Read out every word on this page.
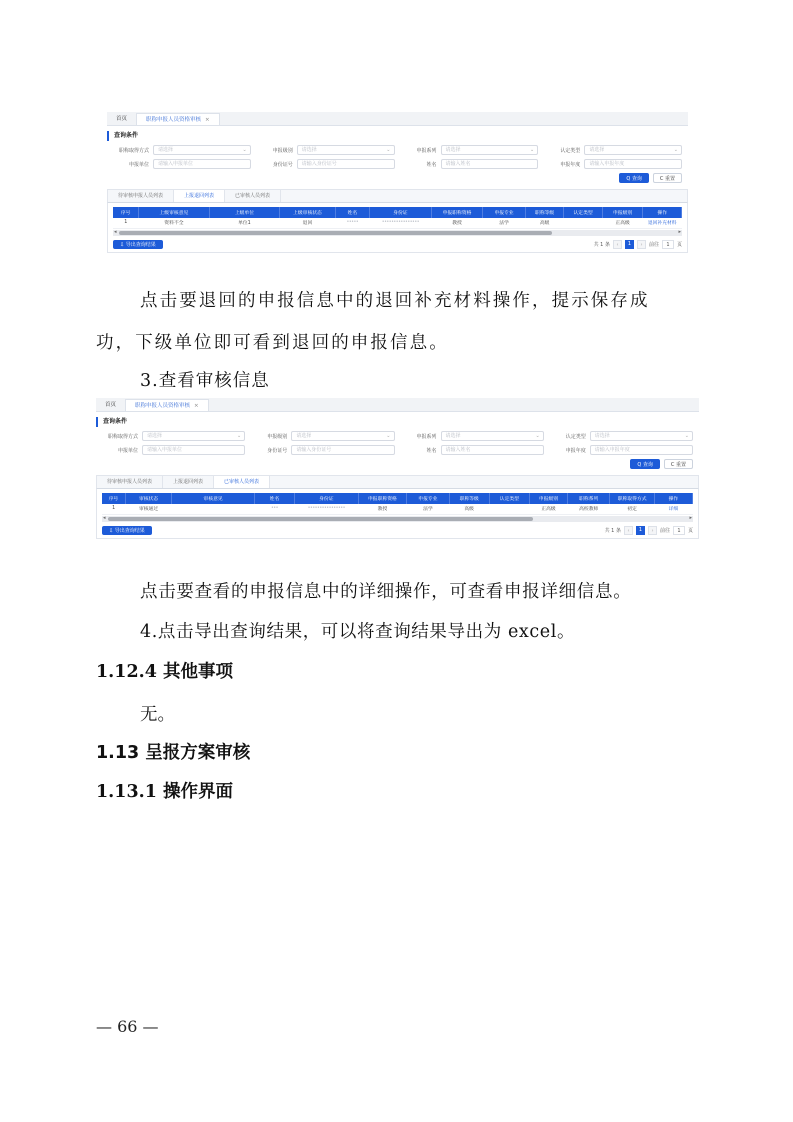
首页	职称申报人员资格审核 ×
查询条件
职称取得方式	请选择	⌄	申报级别	请选择	⌄	申报系列	请选择	⌄	认定类型	请选择	⌄
申报单位	请输入申报单位	身份证号	请输入身份证号	姓名	请输入姓名	申报年度	请输入申报年度
Q 查询	C 重置
待审核申报人员列表	上报退回列表	已审核人员列表
序号	上级审核意见	上级单位	上级审核状态	姓名	身份证	申报职称资格	申报专业	职称等级	认定类型	申报级别	操作
1	资料不全	单位1	退回	•••••	••••••••••••••••	教授	法学	高级		正高级	退回补充材料
◂	▸
⇩ 导出查询结果	共 1 条	‹	1	›	前往	1	页
点击要退回的申报信息中的退回补充材料操作，提示保存成
功，下级单位即可看到退回的申报信息。
3.查看审核信息
首页	职称申报人员资格审核 ×
查询条件
职称取得方式	请选择	⌄	申报级别	请选择	⌄	申报系列	请选择	⌄	认定类型	请选择	⌄
申报单位	请输入申报单位	身份证号	请输入身份证号	姓名	请输入姓名	申报年度	请输入申报年度
Q 查询	C 重置
待审核申报人员列表	上报退回列表	已审核人员列表
序号	审核状态	审核意见	姓名	身份证	申报职称资格	申报专业	职称等级	认定类型	申报级别	职称系列	职称取得方式	操作
1	审核通过		•••	••••••••••••••••	教授	法学	高级		正高级	高校教师	初定	详细
◂	▸
⇩ 导出查询结果	共 1 条	‹	1	›	前往	1	页
点击要查看的申报信息中的详细操作，可查看申报详细信息。
4.点击导出查询结果，可以将查询结果导出为 excel。
1.12.4 其他事项
无。
1.13 呈报方案审核
1.13.1 操作界面
— 66 —
